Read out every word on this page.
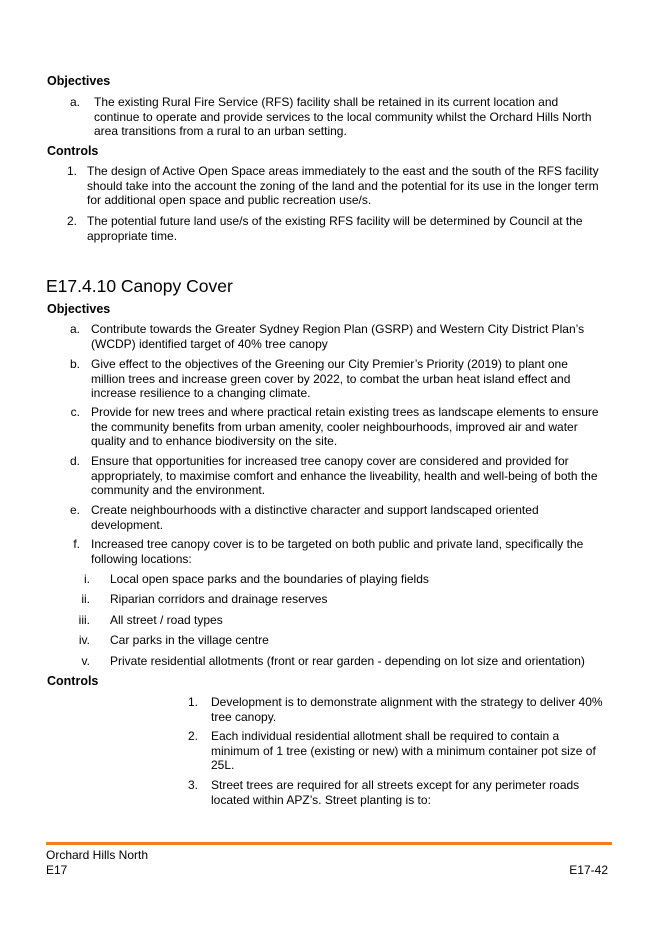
Objectives
a. The existing Rural Fire Service (RFS) facility shall be retained in its current location and continue to operate and provide services to the local community whilst the Orchard Hills North area transitions from a rural to an urban setting.
Controls
1. The design of Active Open Space areas immediately to the east and the south of the RFS facility should take into the account the zoning of the land and the potential for its use in the longer term for additional open space and public recreation use/s.
2. The potential future land use/s of the existing RFS facility will be determined by Council at the appropriate time.
E17.4.10 Canopy Cover
Objectives
a. Contribute towards the Greater Sydney Region Plan (GSRP) and Western City District Plan’s (WCDP) identified target of 40% tree canopy
b. Give effect to the objectives of the Greening our City Premier’s Priority (2019) to plant one million trees and increase green cover by 2022, to combat the urban heat island effect and increase resilience to a changing climate.
c. Provide for new trees and where practical retain existing trees as landscape elements to ensure the community benefits from urban amenity, cooler neighbourhoods, improved air and water quality and to enhance biodiversity on the site.
d. Ensure that opportunities for increased tree canopy cover are considered and provided for appropriately, to maximise comfort and enhance the liveability, health and well-being of both the community and the environment.
e. Create neighbourhoods with a distinctive character and support landscaped oriented development.
f. Increased tree canopy cover is to be targeted on both public and private land, specifically the following locations:
i. Local open space parks and the boundaries of playing fields
ii. Riparian corridors and drainage reserves
iii. All street / road types
iv. Car parks in the village centre
v. Private residential allotments (front or rear garden - depending on lot size and orientation)
Controls
1. Development is to demonstrate alignment with the strategy to deliver 40% tree canopy.
2. Each individual residential allotment shall be required to contain a minimum of 1 tree (existing or new) with a minimum container pot size of 25L.
3. Street trees are required for all streets except for any perimeter roads located within APZ’s. Street planting is to:
Orchard Hills North
E17	E17-42
